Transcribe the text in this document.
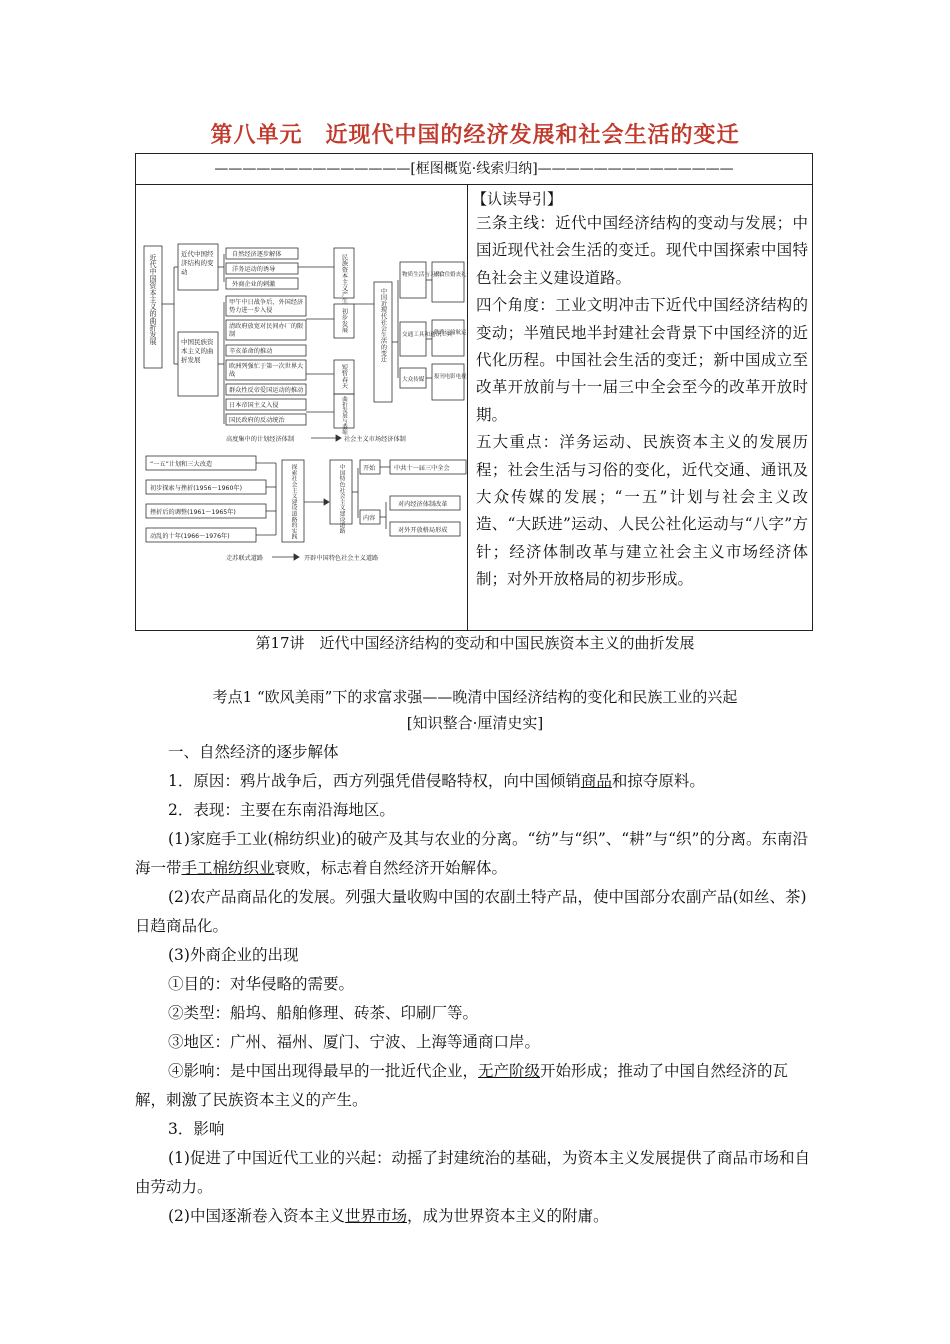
第八单元　近现代中国的经济发展和社会生活的变迁
——————————————[框图概览·线索归纳]——————————————
近代中国资本主义的曲折发展	近代中国经济结构的变动
自然经济逐步解体
洋务运动的诱导
外商企业的刺激
中国民族资本主义的曲折发展
甲午中日战争后，外国经济势力进一步入侵
清政府放宽对民间办厂的限制
辛亥革命的推动
欧洲列强忙于第一次世界大战
群众性反帝爱国运动的推动
日本帝国主义入侵
国民政府的反动统治
民族资本主义产生
初步发展
短暂春天
曲折发展与萎缩
中国近现代社会生活的变迁
物质生活与习俗
交通工具和通讯工具
大众传媒
衣食住婚丧礼
铁路运输航运
报刊电影电视
高度集中的计划经济体制	社会主义市场经济体制
“一五”计划和三大改造
初步探索与挫折(1956～1960年)
挫折后的调整(1961～1965年)
动乱的十年(1966～1976年)	探索社会主义建设道路的实践	中国特色社会主义建设道路	开始	中共十一届三中全会
内容
对内经济体制改革
对外开放格局形成
走苏联式道路	开辟中国特色社会主义道路
【认读导引】

三条主线：近代中国经济结构的变动与发展；中国近现代社会生活的变迁。现代中国探索中国特色社会主义建设道路。

四个角度：工业文明冲击下近代中国经济结构的变动；半殖民地半封建社会背景下中国经济的近代化历程。中国社会生活的变迁；新中国成立至改革开放前与十一届三中全会至今的改革开放时期。

五大重点：洋务运动、民族资本主义的发展历程；社会生活与习俗的变化，近代交通、通讯及大众传媒的发展；“一五”计划与社会主义改造、“大跃进”运动、人民公社化运动与“八字”方针；经济体制改革与建立社会主义市场经济体制；对外开放格局的初步形成。

第17讲　近代中国经济结构的变动和中国民族资本主义的曲折发展
考点1 “欧风美雨”下的求富求强——晚清中国经济结构的变化和民族工业的兴起
[知识整合·厘清史实]

一、自然经济的逐步解体

1．原因：鸦片战争后，西方列强凭借侵略特权，向中国倾销商品和掠夺原料。

2．表现：主要在东南沿海地区。

(1)家庭手工业(棉纺织业)的破产及其与农业的分离。“纺”与“织”、“耕”与“织”的分离。东南沿海一带手工棉纺织业衰败，标志着自然经济开始解体。

(2)农产品商品化的发展。列强大量收购中国的农副土特产品，使中国部分农副产品(如丝、茶)日趋商品化。

(3)外商企业的出现

①目的：对华侵略的需要。

②类型：船坞、船舶修理、砖茶、印刷厂等。

③地区：广州、福州、厦门、宁波、上海等通商口岸。

④影响：是中国出现得最早的一批近代企业，无产阶级开始形成；推动了中国自然经济的瓦解，刺激了民族资本主义的产生。

3．影响

(1)促进了中国近代工业的兴起：动摇了封建统治的基础，为资本主义发展提供了商品市场和自由劳动力。

(2)中国逐渐卷入资本主义世界市场，成为世界资本主义的附庸。
